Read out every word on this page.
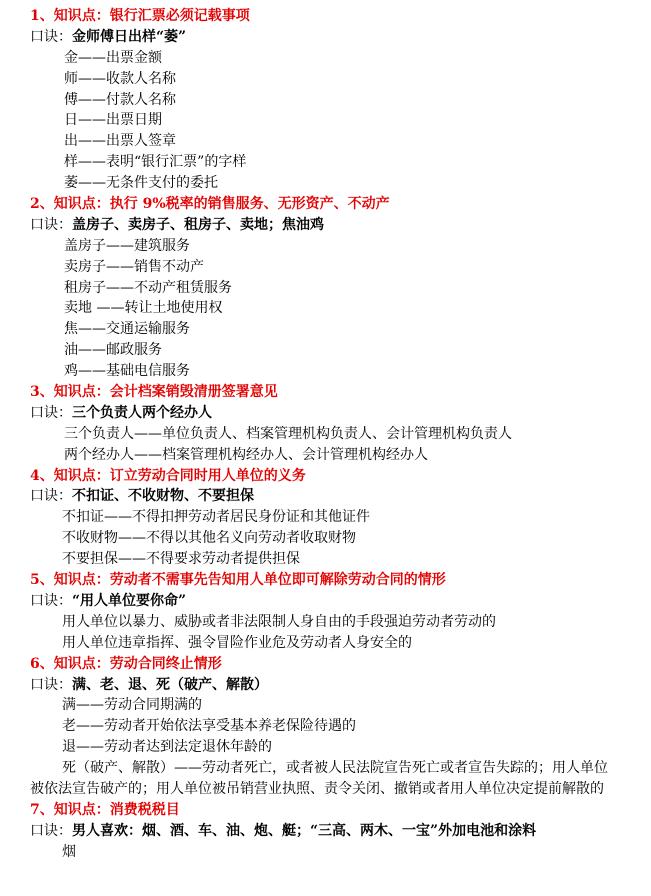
1、知识点：银行汇票必须记载事项
口诀：金师傅日出样“萎”
金——出票金额
师——收款人名称
傅——付款人名称
日——出票日期
出——出票人签章
样——表明“银行汇票”的字样
萎——无条件支付的委托
2、知识点：执行 9%税率的销售服务、无形资产、不动产
口诀：盖房子、卖房子、租房子、卖地；焦油鸡
盖房子——建筑服务
卖房子——销售不动产
租房子——不动产租赁服务
卖地 ——转让土地使用权
焦——交通运输服务
油——邮政服务
鸡——基础电信服务
3、知识点：会计档案销毁清册签署意见
口诀：三个负责人两个经办人
三个负责人——单位负责人、档案管理机构负责人、会计管理机构负责人
两个经办人——档案管理机构经办人、会计管理机构经办人
4、知识点：订立劳动合同时用人单位的义务
口诀：不扣证、不收财物、不要担保
不扣证——不得扣押劳动者居民身份证和其他证件
不收财物——不得以其他名义向劳动者收取财物
不要担保——不得要求劳动者提供担保
5、知识点：劳动者不需事先告知用人单位即可解除劳动合同的情形
口诀：“用人单位要你命”
用人单位以暴力、威胁或者非法限制人身自由的手段强迫劳动者劳动的
用人单位违章指挥、强令冒险作业危及劳动者人身安全的
6、知识点：劳动合同终止情形
口诀：满、老、退、死（破产、解散）
满——劳动合同期满的
老——劳动者开始依法享受基本养老保险待遇的
退——劳动者达到法定退休年龄的
死（破产、解散）——劳动者死亡，或者被人民法院宣告死亡或者宣告失踪的；用人单位
被依法宣告破产的；用人单位被吊销营业执照、责令关闭、撤销或者用人单位决定提前解散的
7、知识点：消费税税目
口诀：男人喜欢：烟、酒、车、油、炮、艇；“三高、两木、一宝”外加电池和涂料
烟
